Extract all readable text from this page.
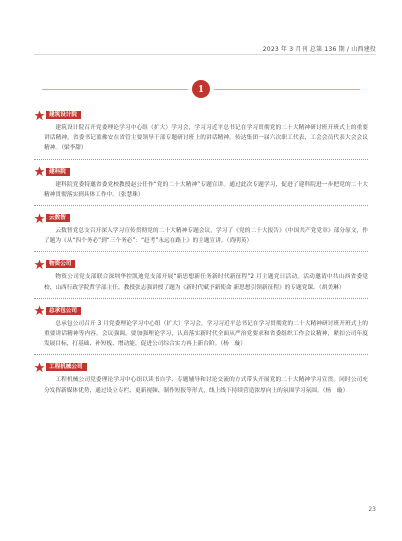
2023 年 3 月刊 总第 136 期 / 山西建投
1
建筑设计院
建筑设计院召开党委理论学习中心组（扩大）学习会，学习习近平总书记在学习贯彻党的二十大精神研讨班开班式上的重要讲话精神，省委书记蓝佛安在省管主要领导干部专题研讨班上的讲话精神。传达集团一届六次职工代表、工会会员代表大会会议精神。（梁李甜）
建科院
建科院党委特邀省委党校教授赵公任作“党的二十大精神”专题宣讲。通过此次专题学习，促进了建科院进一步把党的二十大精神贯彻落实到具体工作中。（张慧珠）
云数智
云数智党总支召开深入学习宣传贯彻党的二十大精神专题会议，学习了《党的二十大报告》《中国共产党党章》部分原文，作了题为《从“四个务必”到“三个务必”：“赶考”永远在路上》的主题宣讲。（尚明英）
物资公司
物资公司党支部联合深圳华控凯迪党支部开展“新思想新任务新时代新征程”2 月主题党日活动。活动邀请中共山西省委党校、山西行政学院哲学部主任、教授张志强讲授了题为《新时代赋予新使命 新思想引领新征程》的专题党课。（胡美琳）
总承包公司
总承包公司召开 3 月党委理论学习中心组（扩大）学习会，学习习近平总书记在学习贯彻党的二十大精神研讨班开班式上的重要讲话精神等内容。会议强调，要加强理论学习，认真落实新时代全面从严治党要求和省委组织工作会议精神，紧扣公司年度发展目标，打基础、补短板、增动能，促进公司综合实力再上新台阶。（杨　璇）
工程机械公司
工程机械公司党委理论学习中心组以读书自学、专题辅导和讨论交流的方式带头开展党的二十大精神学习宣贯。同时公司充分发挥新媒体优势，通过设立专栏、更新视频、制作短报等形式，线上线下持续营造浓厚向上的氛围学习氛围。（杨　璇）
23
